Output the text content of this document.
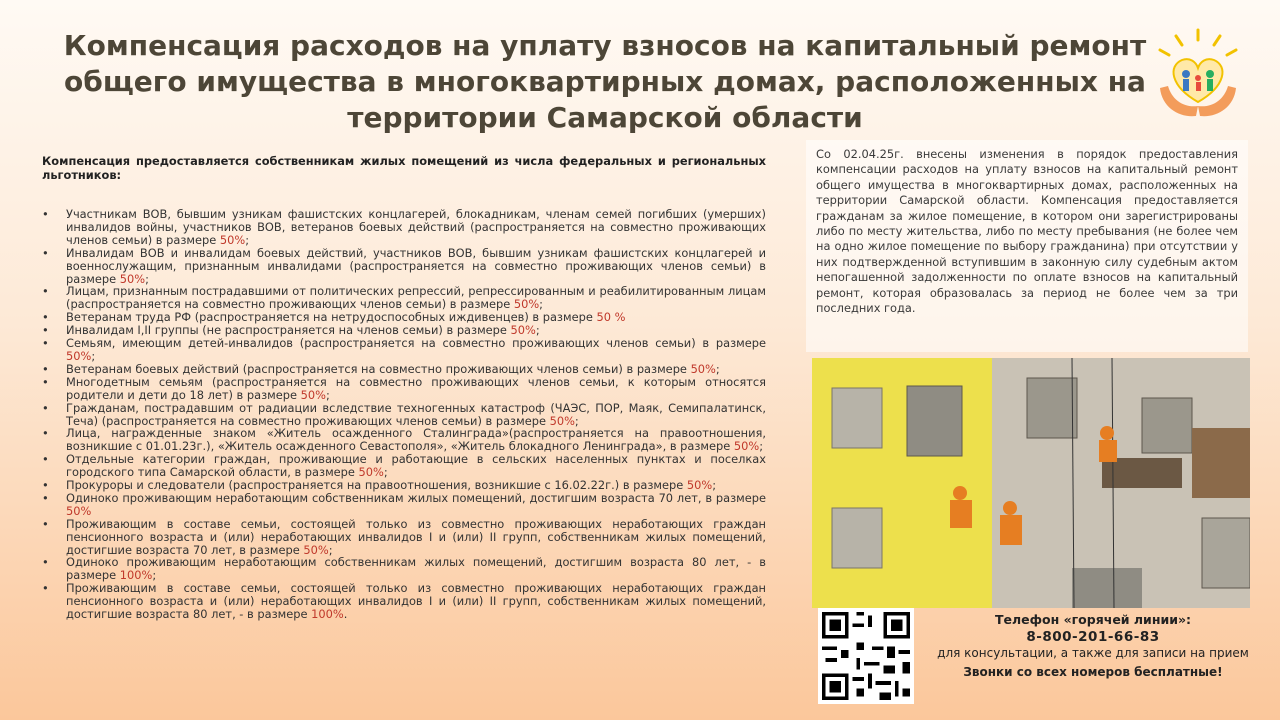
Компенсация расходов на уплату взносов на капитальный ремонт общего имущества в многоквартирных домах, расположенных на территории Самарской области

Компенсация предоставляется собственникам жилых помещений из числа федеральных и региональных льготников:

• Участникам ВОВ, бывшим узникам фашистских концлагерей, блокадникам, членам семей погибших (умерших) инвалидов войны, участников ВОВ, ветеранов боевых действий (распространяется на совместно проживающих членов семьи) в размере 50%;
• Инвалидам ВОВ и инвалидам боевых действий, участников ВОВ, бывшим узникам фашистских концлагерей и военнослужащим, признанным инвалидами (распространяется на совместно проживающих членов семьи) в размере 50%;
• Лицам, признанным пострадавшими от политических репрессий, репрессированным и реабилитированным лицам (распространяется на совместно проживающих членов семьи) в размере 50%;
• Ветеранам труда РФ (распространяется на нетрудоспособных иждивенцев) в размере 50 %
• Инвалидам I,II группы (не распространяется на членов семьи) в размере 50%;
• Семьям, имеющим детей-инвалидов (распространяется на совместно проживающих членов семьи) в размере 50%;
• Ветеранам боевых действий (распространяется на совместно проживающих членов семьи) в размере 50%;
• Многодетным семьям (распространяется на совместно проживающих членов семьи, к которым относятся родители и дети до 18 лет) в размере 50%;
• Гражданам, пострадавшим от радиации вследствие техногенных катастроф (ЧАЭС, ПОР, Маяк, Семипалатинск, Теча) (распространяется на совместно проживающих членов семьи) в размере 50%;
• Лица, награжденные знаком «Житель осажденного Сталинграда»(распространяется на правоотношения, возникшие с 01.01.23г.), «Житель осажденного Севастополя», «Житель блокадного Ленинграда», в размере 50%;
• Отдельные категории граждан, проживающие и работающие в сельских населенных пунктах и поселках городского типа Самарской области, в размере 50%;
• Прокуроры и следователи (распространяется на правоотношения, возникшие с 16.02.22г.) в размере 50%;
• Одиноко проживающим неработающим собственникам жилых помещений, достигшим возраста 70 лет, в размере 50%
• Проживающим в составе семьи, состоящей только из совместно проживающих неработающих граждан пенсионного возраста и (или) неработающих инвалидов I и (или) II групп, собственникам жилых помещений, достигшие возраста 70 лет, в размере 50%;
• Одиноко проживающим неработающим собственникам жилых помещений, достигшим возраста 80 лет, - в размере 100%;
• Проживающим в составе семьи, состоящей только из совместно проживающих неработающих граждан пенсионного возраста и (или) неработающих инвалидов I и (или) II групп, собственникам жилых помещений, достигшие возраста 80 лет, - в размере 100%.

Со 02.04.25г. внесены изменения в порядок предоставления компенсации расходов на уплату взносов на капитальный ремонт общего имущества в многоквартирных домах, расположенных на территории Самарской области. Компенсация предоставляется гражданам за жилое помещение, в котором они зарегистрированы либо по месту жительства, либо по месту пребывания (не более чем на одно жилое помещение по выбору гражданина) при отсутствии у них подтвержденной вступившим в законную силу судебным актом непогашенной задолженности по оплате взносов на капитальный ремонт, которая образовалась за период не более чем за три последних года.

Телефон «горячей линии»:
8-800-201-66-83
для консультации, а также для записи на прием
Звонки со всех номеров бесплатные!
